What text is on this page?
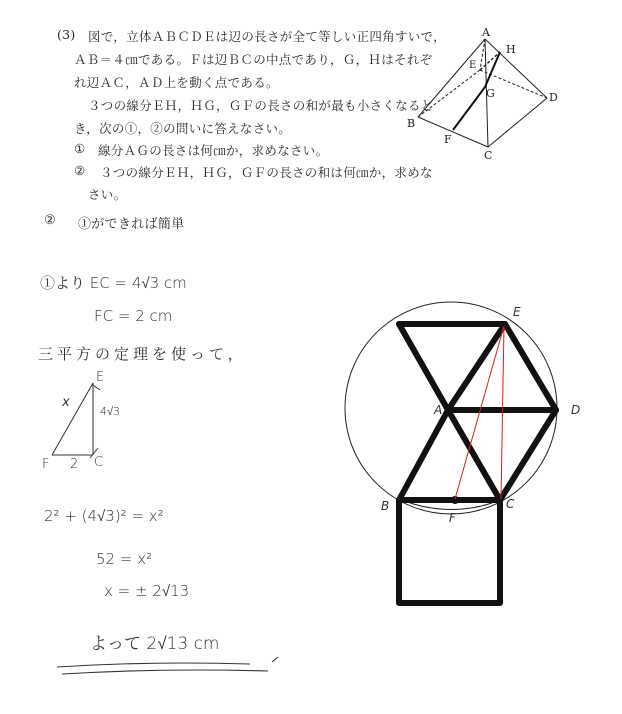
(3) 図で，立体ＡＢＣＤＥは辺の長さが全て等しい正四角すいで，
ＡＢ＝４㎝である。Ｆは辺ＢＣの中点であり，Ｇ，Ｈはそれぞ
れ辺ＡＣ，ＡＤ上を動く点である。
３つの線分ＥＨ，ＨＧ，ＧＦの長さの和が最も小さくなると
き，次の①，②の問いに答えなさい。
① 線分ＡＧの長さは何㎝か，求めなさい。
② ３つの線分ＥＨ，ＨＧ，ＧＦの長さの和は何㎝か，求めな
さい。
A
H
E
G	D
B
F
C
② ①ができれば簡単
①より EC = 4√3 cm
FC = 2 cm
三平方の定理を使って，
E
x
4√3
F 2 C
2² + (4√3)² = x²
52 = x²
x = ± 2√13
よって 2√13 cm
E
A	D
B	C
F
